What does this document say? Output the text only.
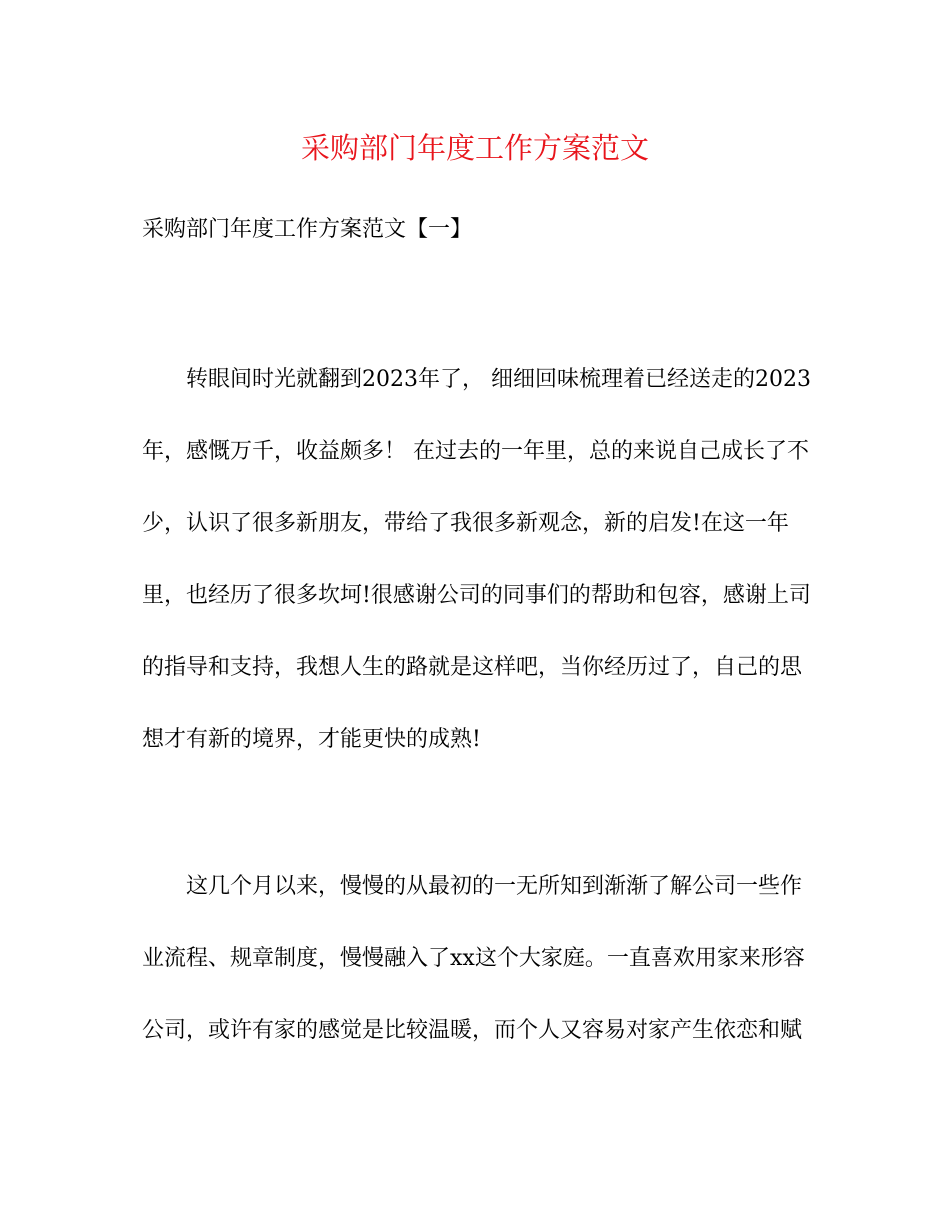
采购部门年度工作方案范文
采购部门年度工作方案范文【一】
转眼间时光就翻到2023年了， 细细回味梳理着已经送走的2023
年，感慨万千，收益颇多！ 在过去的一年里，总的来说自己成长了不
少，认识了很多新朋友，带给了我很多新观念，新的启发!在这一年
里，也经历了很多坎坷!很感谢公司的同事们的帮助和包容，感谢上司
的指导和支持，我想人生的路就是这样吧，当你经历过了，自己的思
想才有新的境界，才能更快的成熟!
这几个月以来，慢慢的从最初的一无所知到渐渐了解公司一些作
业流程、规章制度，慢慢融入了xx这个大家庭。一直喜欢用家来形容
公司，或许有家的感觉是比较温暖，而个人又容易对家产生依恋和赋
